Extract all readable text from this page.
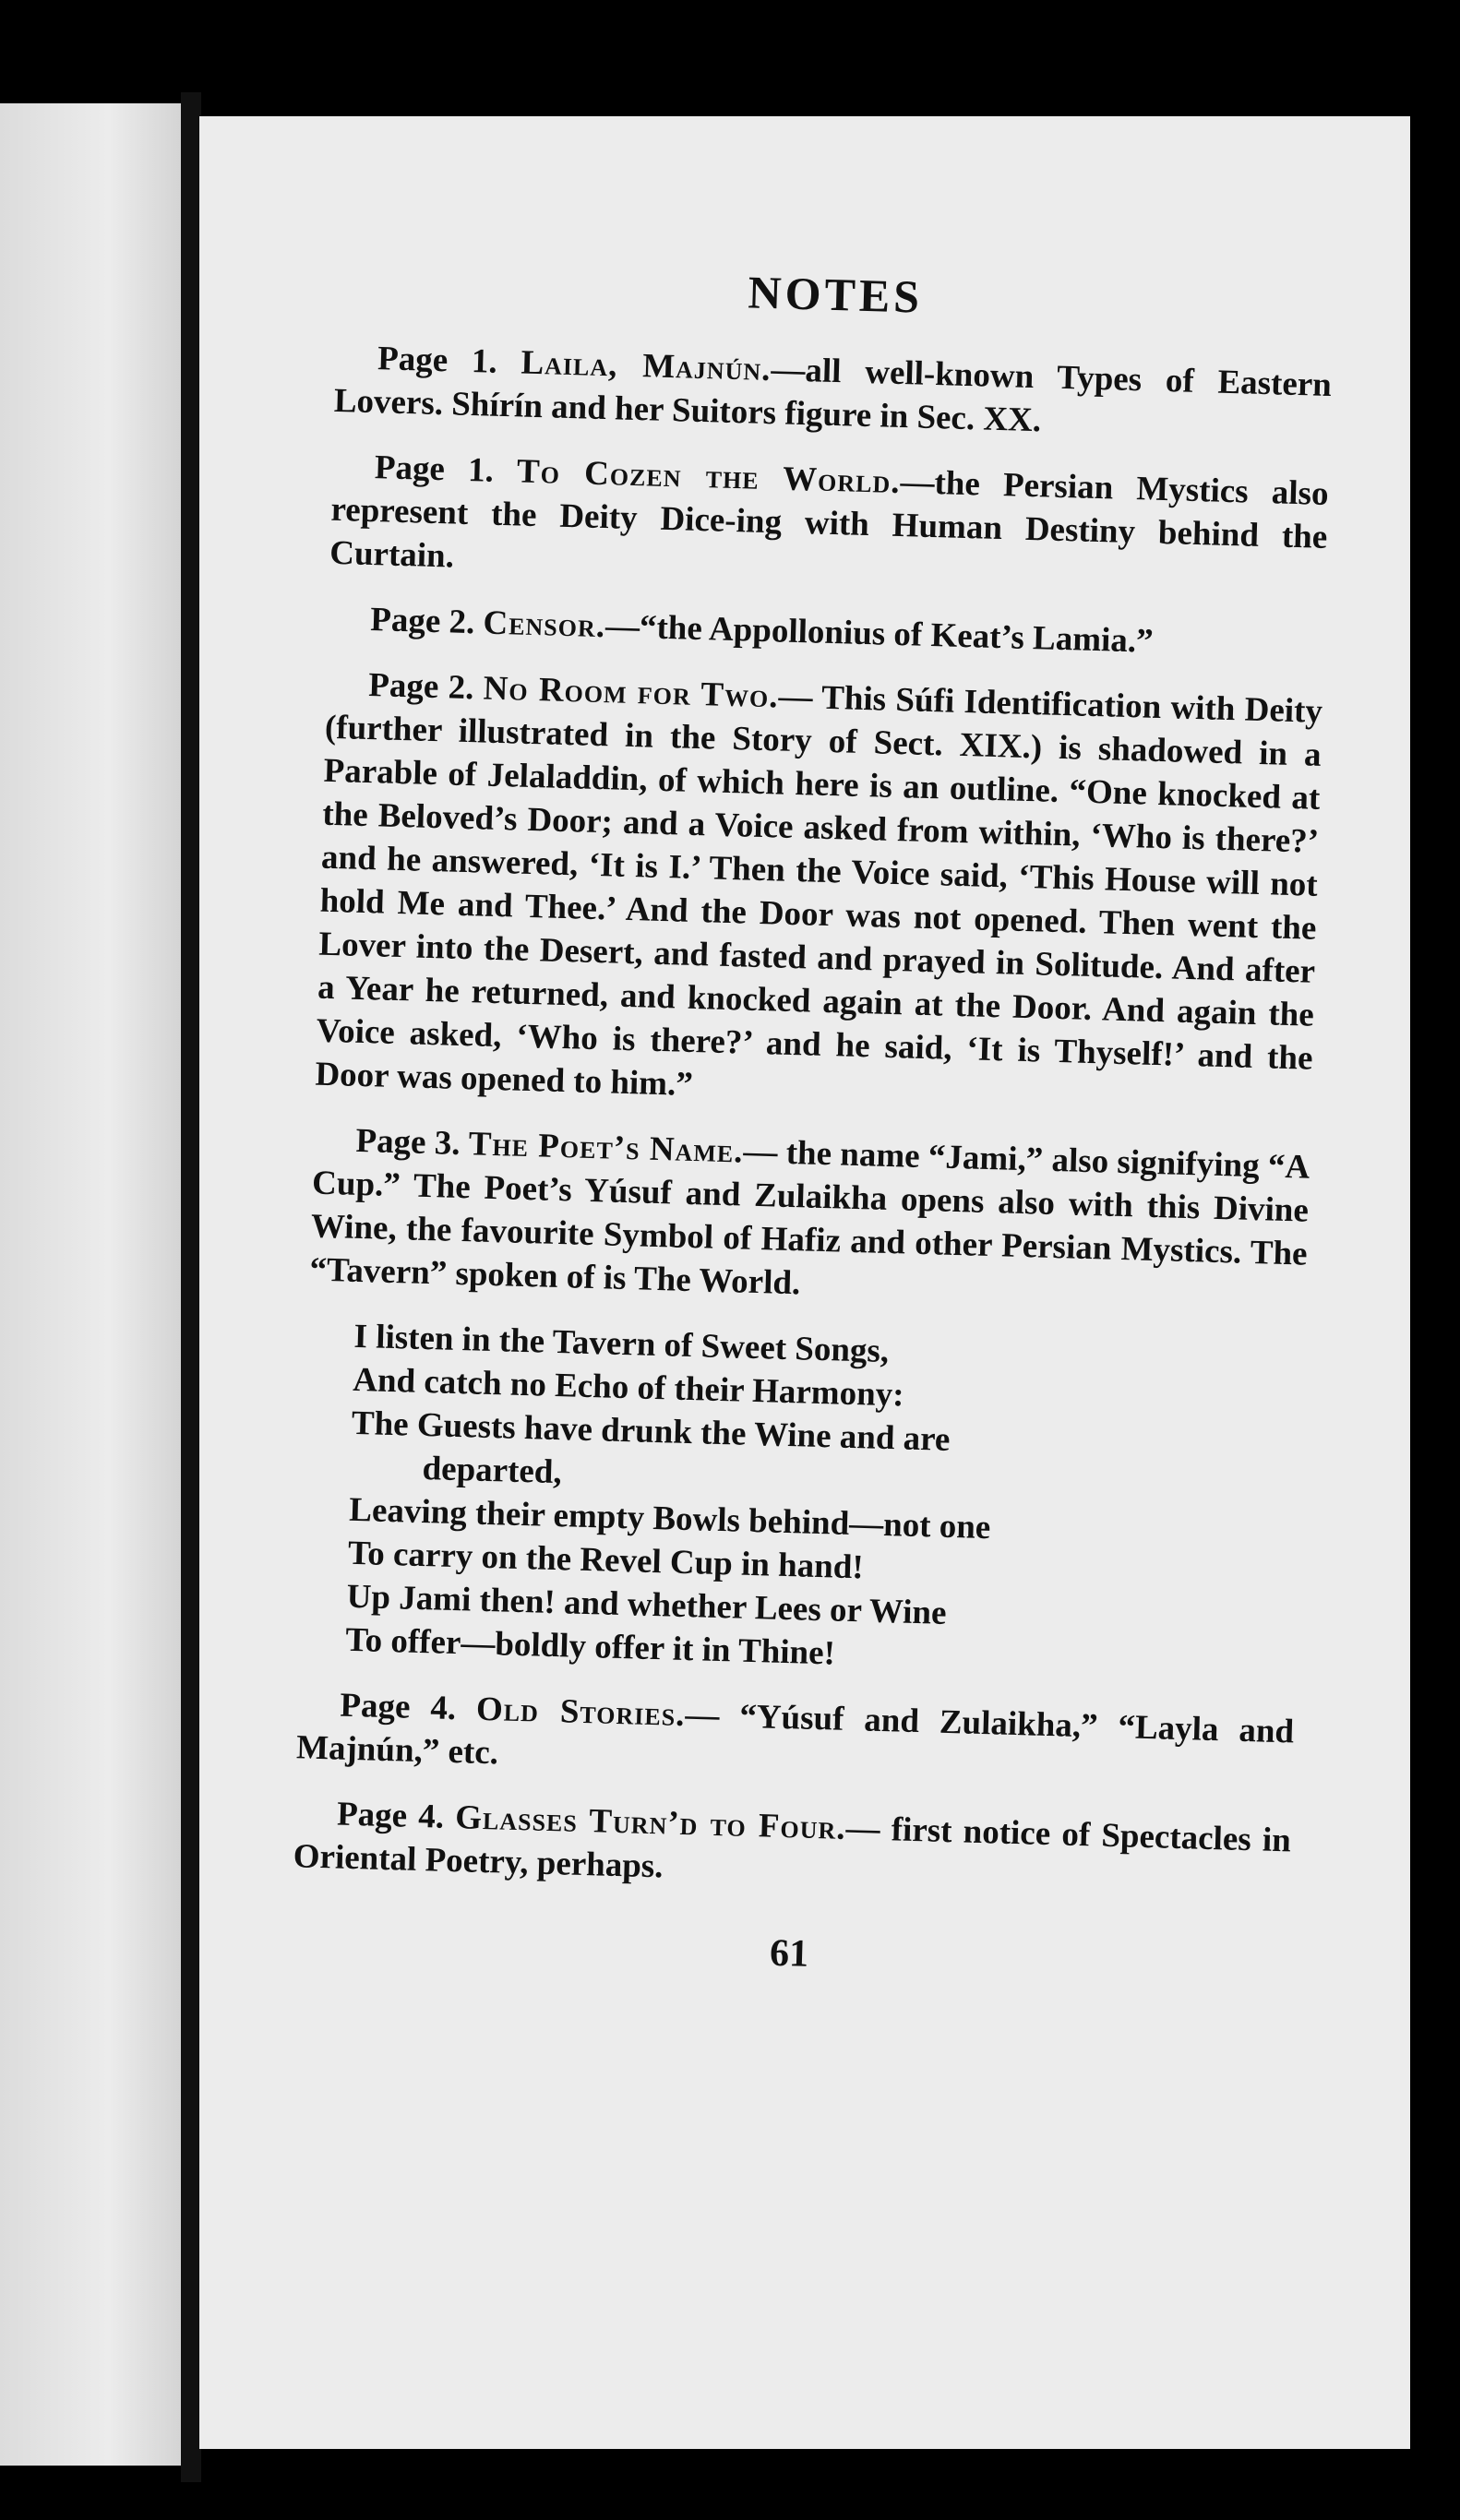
NOTES

Page 1. Laila, Majnún.—all well-known Types of Eastern Lovers. Shírín and her Suitors figure in Sec. XX.

Page 1. To Cozen the World.—the Persian Mystics also represent the Deity Dice-ing with Human Destiny behind the Curtain.

Page 2. Censor.—“the Appollonius of Keat’s Lamia.”

Page 2. No Room for Two.— This Súfi Identification with Deity (further illustrated in the Story of Sect. XIX.) is shadowed in a Parable of Jelaladdin, of which here is an outline. “One knocked at the Beloved’s Door; and a Voice asked from within, ‘Who is there?’ and he answered, ‘It is I.’ Then the Voice said, ‘This House will not hold Me and Thee.’ And the Door was not opened. Then went the Lover into the Desert, and fasted and prayed in Solitude. And after a Year he returned, and knocked again at the Door. And again the Voice asked, ‘Who is there?’ and he said, ‘It is Thyself!’ and the Door was opened to him.”

Page 3. The Poet’s Name.— the name “Jami,” also signifying “A Cup.” The Poet’s Yúsuf and Zulaikha opens also with this Divine Wine, the favourite Symbol of Hafiz and other Persian Mystics. The “Tavern” spoken of is The World.

I listen in the Tavern of Sweet Songs,
And catch no Echo of their Harmony:
The Guests have drunk the Wine and are
departed,
Leaving their empty Bowls behind—not one
To carry on the Revel Cup in hand!
Up Jami then! and whether Lees or Wine
To offer—boldly offer it in Thine!

Page 4. Old Stories.— “Yúsuf and Zulaikha,” “Layla and Majnún,” etc.

Page 4. Glasses Turn’d to Four.— first notice of Spectacles in Oriental Poetry, perhaps.

61
